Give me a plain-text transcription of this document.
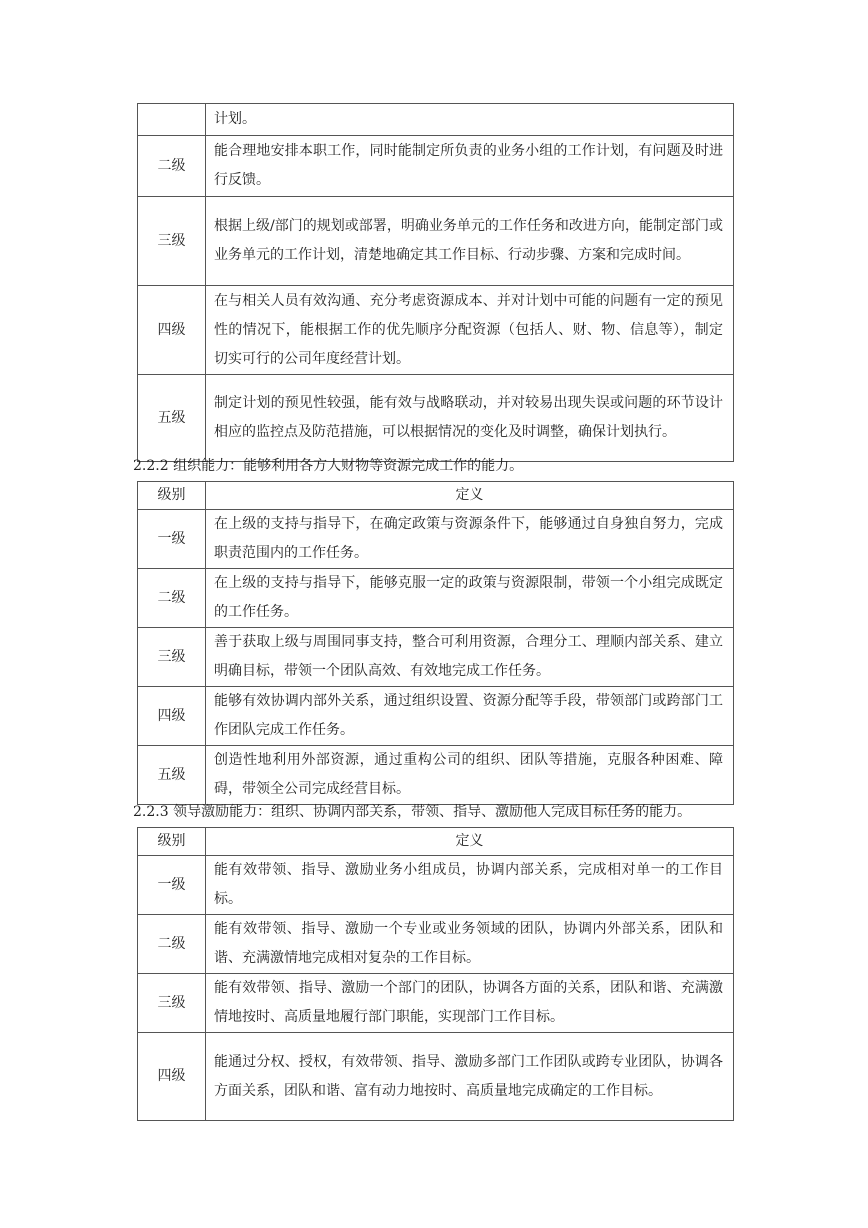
	计划。
二级	能合理地安排本职工作，同时能制定所负责的业务小组的工作计划，有问题及时进行反馈。
三级	根据上级/部门的规划或部署，明确业务单元的工作任务和改进方向，能制定部门或业务单元的工作计划，清楚地确定其工作目标、行动步骤、方案和完成时间。
四级	在与相关人员有效沟通、充分考虑资源成本、并对计划中可能的问题有一定的预见性的情况下，能根据工作的优先顺序分配资源（包括人、财、物、信息等），制定切实可行的公司年度经营计划。
五级	制定计划的预见性较强，能有效与战略联动，并对较易出现失误或问题的环节设计相应的监控点及防范措施，可以根据情况的变化及时调整，确保计划执行。
2.2.2 组织能力：能够利用各方人财物等资源完成工作的能力。
级别	定义
一级	在上级的支持与指导下，在确定政策与资源条件下，能够通过自身独自努力，完成职责范围内的工作任务。
二级	在上级的支持与指导下，能够克服一定的政策与资源限制，带领一个小组完成既定的工作任务。
三级	善于获取上级与周围同事支持，整合可利用资源，合理分工、理顺内部关系、建立明确目标，带领一个团队高效、有效地完成工作任务。
四级	能够有效协调内部外关系，通过组织设置、资源分配等手段，带领部门或跨部门工作团队完成工作任务。
五级	创造性地利用外部资源，通过重构公司的组织、团队等措施，克服各种困难、障碍，带领全公司完成经营目标。
2.2.3 领导激励能力：组织、协调内部关系，带领、指导、激励他人完成目标任务的能力。
级别	定义
一级	能有效带领、指导、激励业务小组成员，协调内部关系，完成相对单一的工作目标。
二级	能有效带领、指导、激励一个专业或业务领域的团队，协调内外部关系，团队和谐、充满激情地完成相对复杂的工作目标。
三级	能有效带领、指导、激励一个部门的团队，协调各方面的关系，团队和谐、充满激情地按时、高质量地履行部门职能，实现部门工作目标。
四级	能通过分权、授权，有效带领、指导、激励多部门工作团队或跨专业团队，协调各方面关系，团队和谐、富有动力地按时、高质量地完成确定的工作目标。
